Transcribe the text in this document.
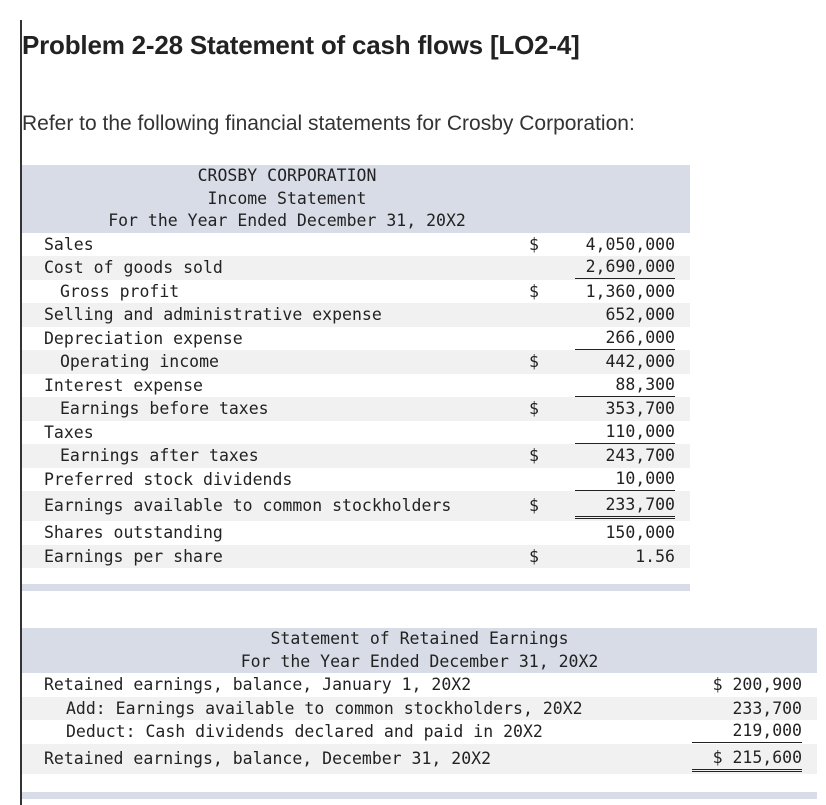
Problem 2-28 Statement of cash flows [LO2-4]

Refer to the following financial statements for Crosby Corporation:

CROSBY CORPORATION
Income Statement
For the Year Ended December 31, 20X2
Sales	$	4,050,000
Cost of goods sold	2,690,000
Gross profit	$	1,360,000
Selling and administrative expense	652,000
Depreciation expense	266,000
Operating income	$	442,000
Interest expense	88,300
Earnings before taxes	$	353,700
Taxes	110,000
Earnings after taxes	$	243,700
Preferred stock dividends	10,000
Earnings available to common stockholders	$	233,700
Shares outstanding	150,000
Earnings per share	$	1.56
Statement of Retained Earnings
For the Year Ended December 31, 20X2
Retained earnings, balance, January 1, 20X2	$ 200,900
Add: Earnings available to common stockholders, 20X2	233,700
Deduct: Cash dividends declared and paid in 20X2	219,000
Retained earnings, balance, December 31, 20X2	$ 215,600
